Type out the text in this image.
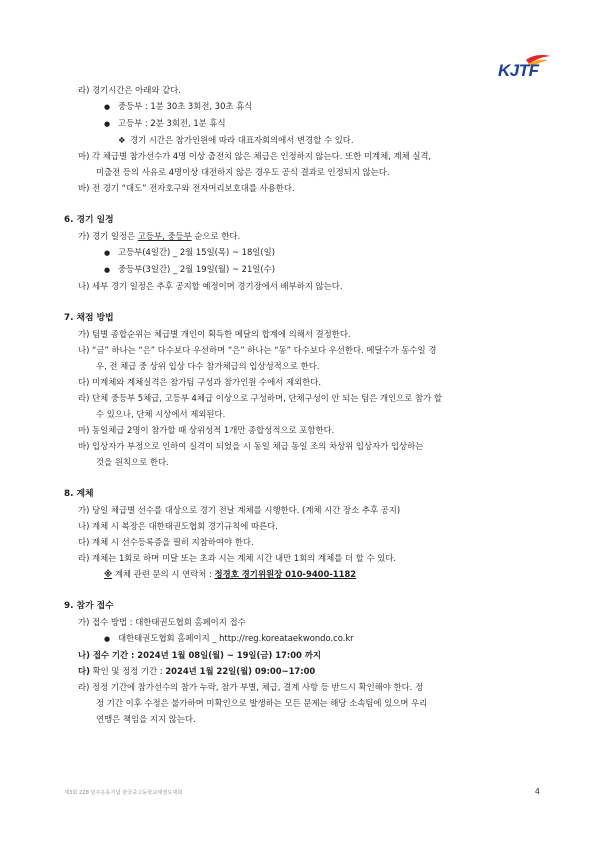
KJTF
라) 경기시간은 아래와 같다.
● 중등부 : 1분 30초 3회전, 30초 휴식
● 고등부 : 2분 3회전, 1분 휴식
❖ 경기 시간은 참가인원에 따라 대표자회의에서 변경할 수 있다.
마) 각 체급별 참가선수가 4명 이상 출전치 않은 체급은 인정하지 않는다. 또한 미계체, 계체 실격,
미출전 등의 사유로 4명이상 대전하지 않은 경우도 공식 결과로 인정되지 않는다.
바) 전 경기 “대도” 전자호구와 전자머리보호대를 사용한다.
6. 경기 일정
가) 경기 일정은 고등부, 중등부 순으로 한다.
● 고등부(4일간) _ 2월 15일(목) ~ 18일(일)
● 중등부(3일간) _ 2월 19일(월) ~ 21일(수)
나) 세부 경기 일정은 추후 공지할 예정이며 경기장에서 배부하지 않는다.
7. 채점 방법
가) 팀별 종합순위는 체급별 개인이 획득한 메달의 합계에 의해서 결정한다.
나) “금” 하나는 “은” 다수보다 우선하며 “은” 하나는 “동” 다수보다 우선한다. 메달수가 동수일 경
우, 전 체급 중 상위 입상 다수 참가체급의 입상성적으로 한다.
다) 미계체와 계체실격은 참가팀 구성과 참가인원 수에서 제외한다.
라) 단체 중등부 5체급, 고등부 4체급 이상으로 구성하며, 단체구성이 안 되는 팀은 개인으로 참가 할
수 있으나, 단체 시상에서 제외된다.
마) 동일체급 2명이 참가할 때 상위성적 1개만 종합성적으로 포함한다.
바) 입상자가 부정으로 인하여 실격이 되었을 시 동일 체급 동일 조의 차상위 입상자가 입상하는
것을 원칙으로 한다.
8. 계체
가) 당일 체급별 선수를 대상으로 경기 전날 계체를 시행한다. (계체 시간 장소 추후 공지)
나) 계체 시 복장은 대한태권도협회 경기규칙에 따른다.
다) 계체 시 선수등록증을 필히 지참하여야 한다.
라) 계체는 1회로 하며 미달 또는 초과 시는 계체 시간 내만 1회의 계체를 더 할 수 있다.
※ 계체 관련 문의 시 연락처 : 정경호 경기위원장 010-9400-1182
9. 참가 접수
가) 접수 방법 : 대한태권도협회 홈페이지 접수
● 대한태권도협회 홈페이지 _ http://reg.koreataekwondo.co.kr
나) 접수 기간 : 2024년 1월 08일(월) ~ 19일(금) 17:00 까지
다) 확인 및 정정 기간 : 2024년 1월 22일(월) 09:00~17:00
라) 정정 기간에 참가선수의 참가 누락, 참가 부별, 체급, 결계 사항 등 반드시 확인해야 한다. 정
정 기간 이후 수정은 불가하며 미확인으로 발생하는 모든 문제는 해당 소속팀에 있으며 우리
연맹은 책임을 지지 않는다.
제3회 228 민주운동기념 한국중고등학교태권도대회	4
